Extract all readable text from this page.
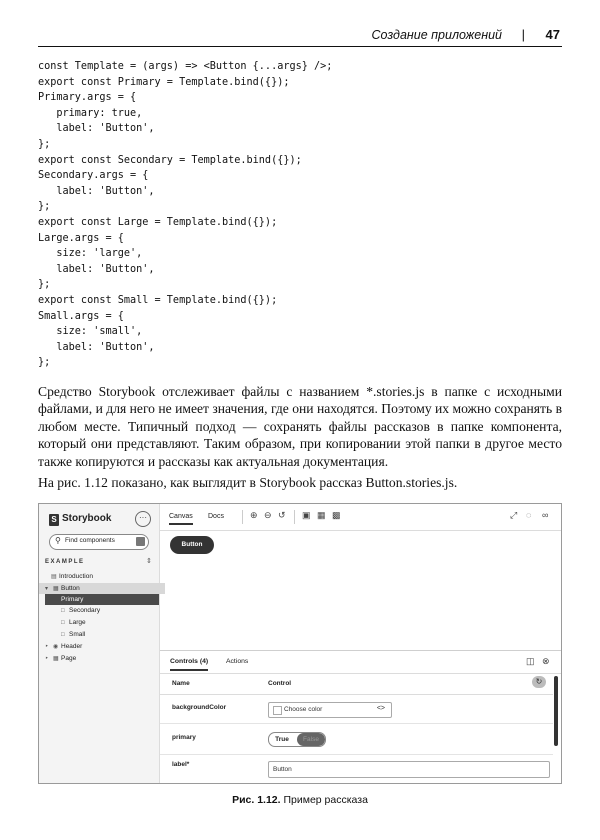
Создание приложений | 47
const Template = (args) => <Button {...args} />;
export const Primary = Template.bind({});
Primary.args = {
primary: true,
label: 'Button',
};
export const Secondary = Template.bind({});
Secondary.args = {
label: 'Button',
};
export const Large = Template.bind({});
Large.args = {
size: 'large',
label: 'Button',
};
export const Small = Template.bind({});
Small.args = {
size: 'small',
label: 'Button',
};

Средство Storybook отслеживает файлы с названием *.stories.js в папке с исходными файлами, и для него не имеет значения, где они находятся. Поэтому их можно сохранять в любом месте. Типичный подход — сохранять файлы рассказов в папке компонента, который они представляют. Таким образом, при копировании этой папки в другое место также копируются и рассказы как актуальная документация.

На рис. 1.12 показано, как выглядит в Storybook рассказ Button.stories.js.

S Storybook	···
⚲ Find components
EXAMPLE	⇕
▤ Introduction
▾ ▦ Button
Primary
□ Secondary
□ Large
□ Small
‣ ◉ Header
‣ ▦ Page
Canvas Docs	⊕ ⊖ ↺ ▣ ▦ ▩	⤢ ◌ ∞
Button
Controls (4)	Actions	◫ ⊗
Name	Control	↻
backgroundColor	Choose color	<>
primary	True	False
label*
Button
Рис. 1.12. Пример рассказа
